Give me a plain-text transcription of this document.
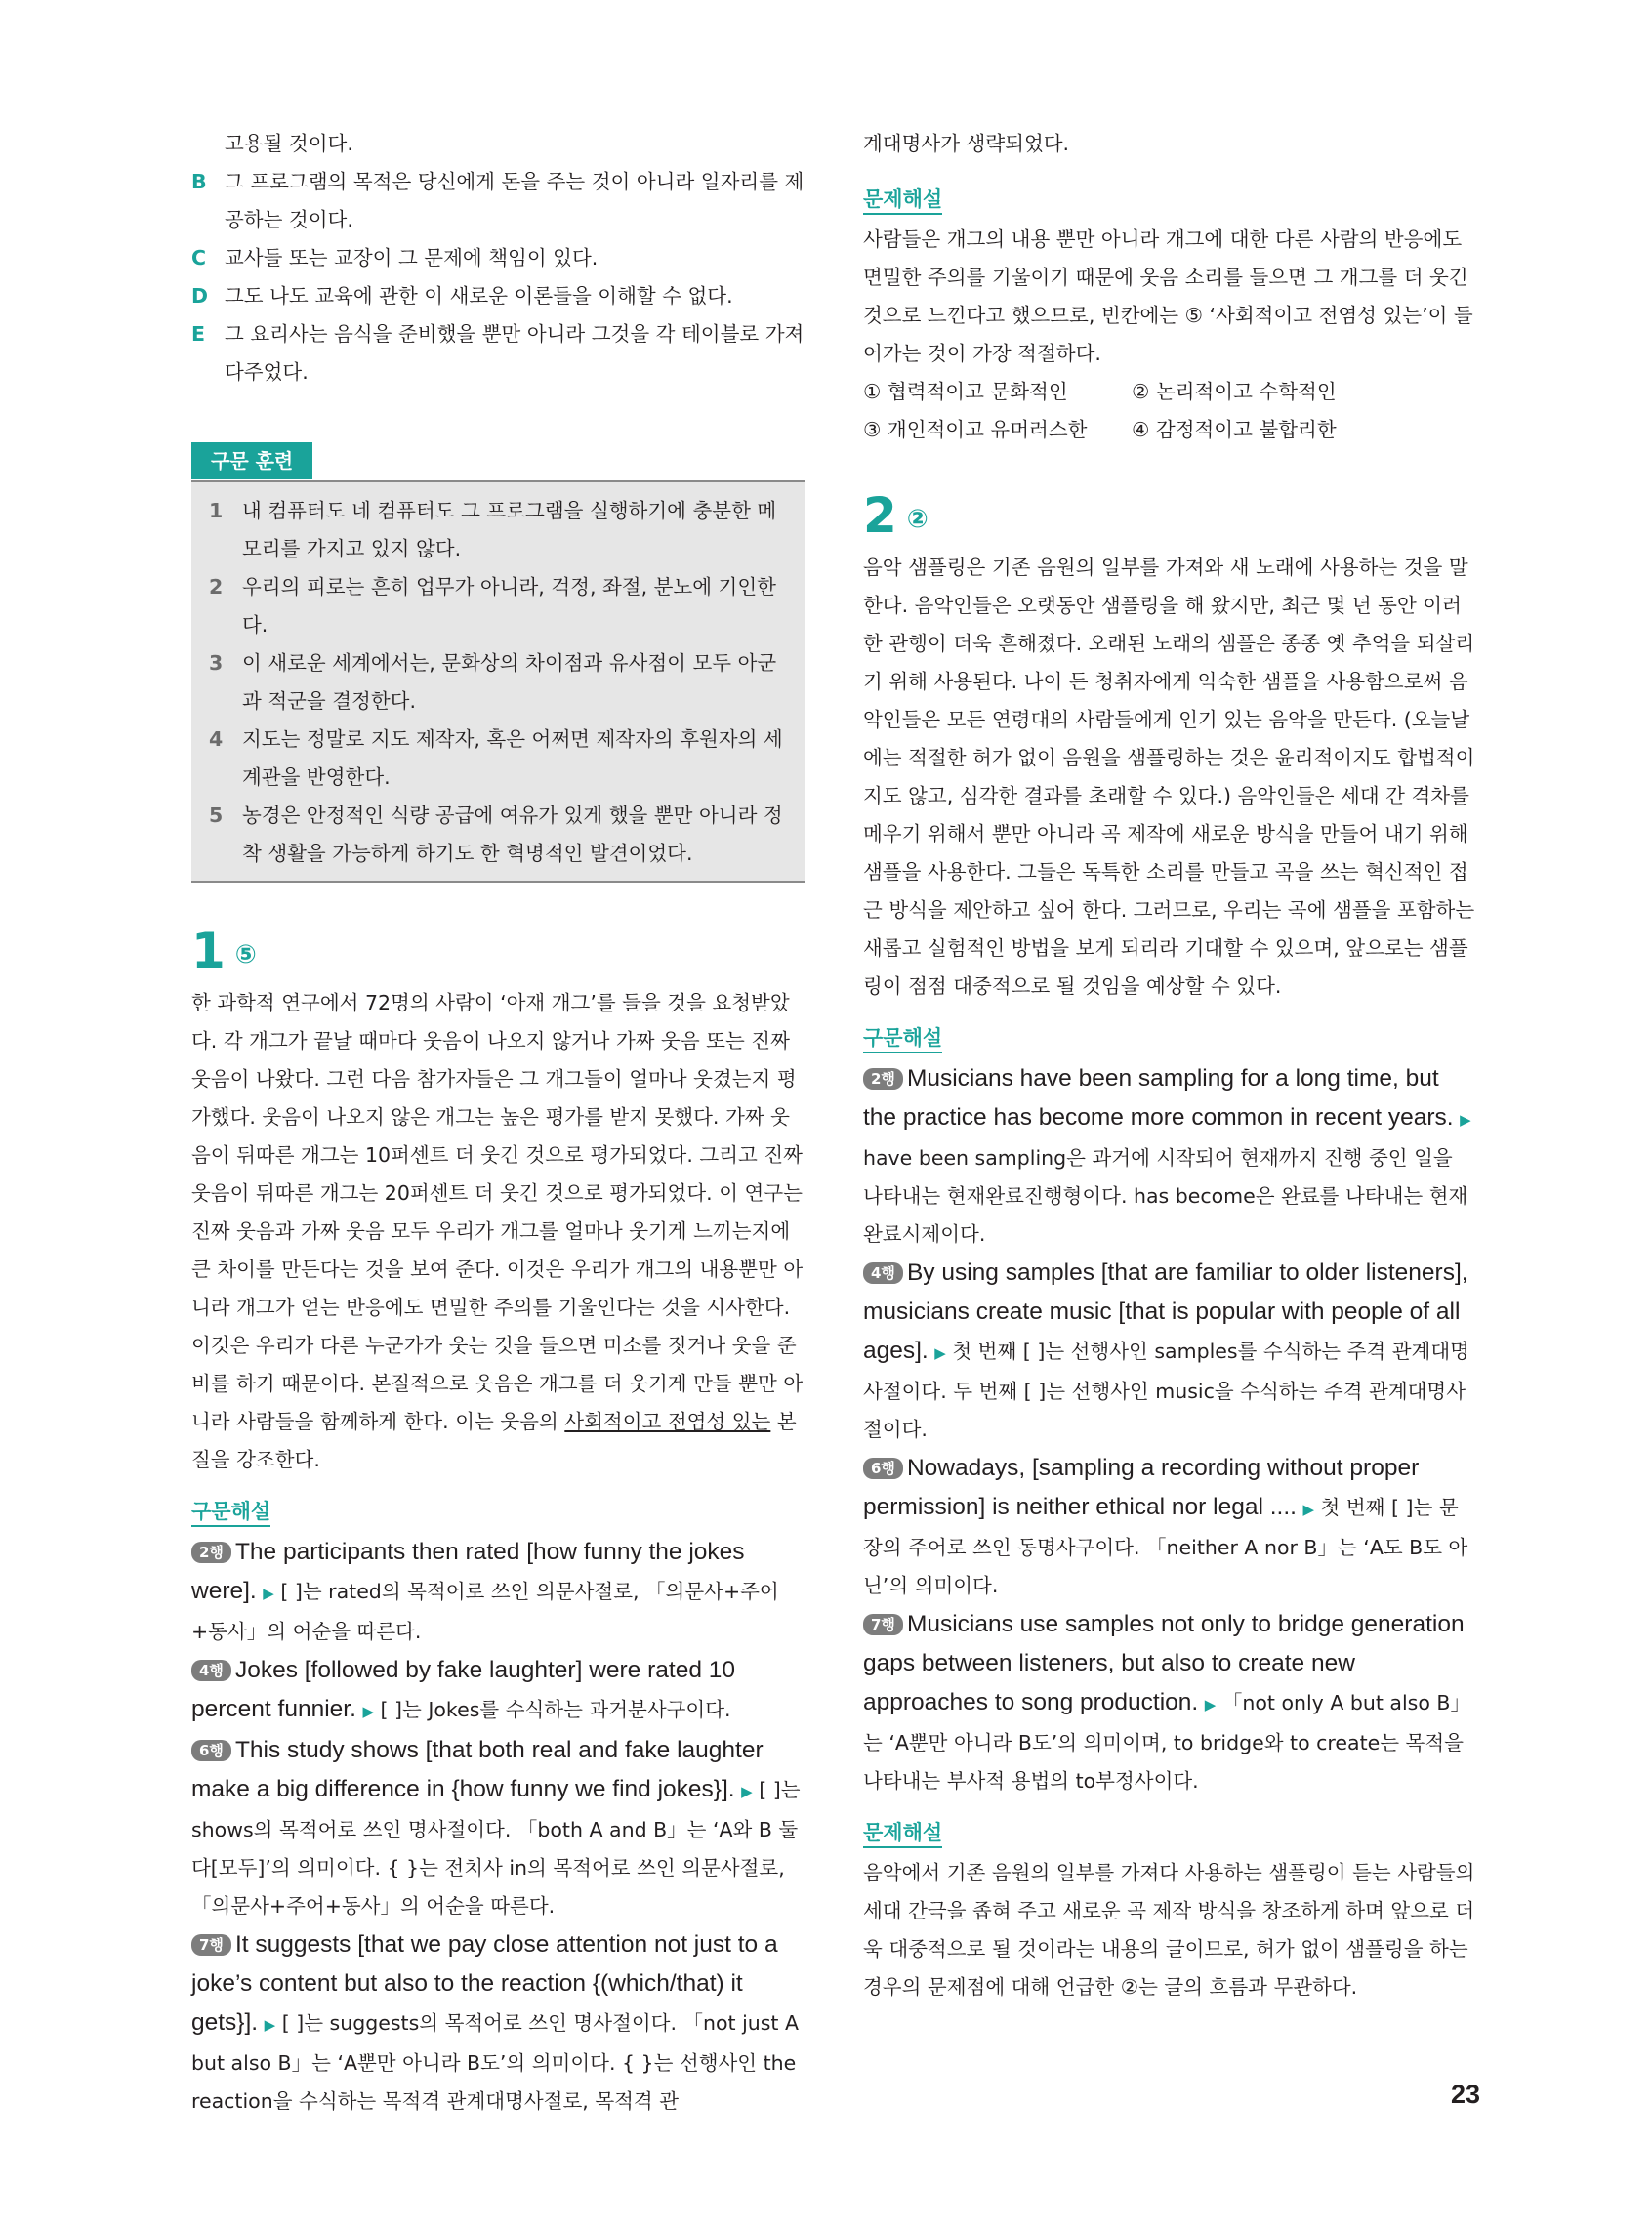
고용될 것이다.

B 그 프로그램의 목적은 당신에게 돈을 주는 것이 아니라 일자리를 제공하는 것이다.

C 교사들 또는 교장이 그 문제에 책임이 있다.

D 그도 나도 교육에 관한 이 새로운 이론들을 이해할 수 없다.

E 그 요리사는 음식을 준비했을 뿐만 아니라 그것을 각 테이블로 가져다주었다.

구문 훈련

1 내 컴퓨터도 네 컴퓨터도 그 프로그램을 실행하기에 충분한 메모리를 가지고 있지 않다.

2 우리의 피로는 흔히 업무가 아니라, 걱정, 좌절, 분노에 기인한다.

3 이 새로운 세계에서는, 문화상의 차이점과 유사점이 모두 아군과 적군을 결정한다.

4 지도는 정말로 지도 제작자, 혹은 어쩌면 제작자의 후원자의 세계관을 반영한다.

5 농경은 안정적인 식량 공급에 여유가 있게 했을 뿐만 아니라 정착 생활을 가능하게 하기도 한 혁명적인 발견이었다.

1 ⑤

한 과학적 연구에서 72명의 사람이 ‘아재 개그’를 들을 것을 요청받았다. 각 개그가 끝날 때마다 웃음이 나오지 않거나 가짜 웃음 또는 진짜 웃음이 나왔다. 그런 다음 참가자들은 그 개그들이 얼마나 웃겼는지 평가했다. 웃음이 나오지 않은 개그는 높은 평가를 받지 못했다. 가짜 웃음이 뒤따른 개그는 10퍼센트 더 웃긴 것으로 평가되었다. 그리고 진짜 웃음이 뒤따른 개그는 20퍼센트 더 웃긴 것으로 평가되었다. 이 연구는 진짜 웃음과 가짜 웃음 모두 우리가 개그를 얼마나 웃기게 느끼는지에 큰 차이를 만든다는 것을 보여 준다. 이것은 우리가 개그의 내용뿐만 아니라 개그가 얻는 반응에도 면밀한 주의를 기울인다는 것을 시사한다. 이것은 우리가 다른 누군가가 웃는 것을 들으면 미소를 짓거나 웃을 준비를 하기 때문이다. 본질적으로 웃음은 개그를 더 웃기게 만들 뿐만 아니라 사람들을 함께하게 한다. 이는 웃음의 사회적이고 전염성 있는 본질을 강조한다.

구문해설

2행 The participants then rated [how funny the jokes were]. ▶ [ ]는 rated의 목적어로 쓰인 의문사절로, 「의문사+주어+동사」의 어순을 따른다.

4행 Jokes [followed by fake laughter] were rated 10 percent funnier. ▶ [ ]는 Jokes를 수식하는 과거분사구이다.

6행 This study shows [that both real and fake laughter make a big difference in {how funny we find jokes}]. ▶ [ ]는 shows의 목적어로 쓰인 명사절이다. 「both A and B」는 ‘A와 B 둘 다[모두]’의 의미이다. { }는 전치사 in의 목적어로 쓰인 의문사절로, 「의문사+주어+동사」의 어순을 따른다.

7행 It suggests [that we pay close attention not just to a joke’s content but also to the reaction {(which/that) it gets}]. ▶ [ ]는 suggests의 목적어로 쓰인 명사절이다. 「not just A but also B」는 ‘A뿐만 아니라 B도’의 의미이다. { }는 선행사인 the reaction을 수식하는 목적격 관계대명사절로, 목적격 관

계대명사가 생략되었다.

문제해설

사람들은 개그의 내용 뿐만 아니라 개그에 대한 다른 사람의 반응에도 면밀한 주의를 기울이기 때문에 웃음 소리를 들으면 그 개그를 더 웃긴 것으로 느낀다고 했으므로, 빈칸에는 ⑤ ‘사회적이고 전염성 있는’이 들어가는 것이 가장 적절하다.

① 협력적이고 문화적인	② 논리적이고 수학적인
③ 개인적이고 유머러스한	④ 감정적이고 불합리한
2 ②

음악 샘플링은 기존 음원의 일부를 가져와 새 노래에 사용하는 것을 말한다. 음악인들은 오랫동안 샘플링을 해 왔지만, 최근 몇 년 동안 이러한 관행이 더욱 흔해졌다. 오래된 노래의 샘플은 종종 옛 추억을 되살리기 위해 사용된다. 나이 든 청취자에게 익숙한 샘플을 사용함으로써 음악인들은 모든 연령대의 사람들에게 인기 있는 음악을 만든다. (오늘날에는 적절한 허가 없이 음원을 샘플링하는 것은 윤리적이지도 합법적이지도 않고, 심각한 결과를 초래할 수 있다.) 음악인들은 세대 간 격차를 메우기 위해서 뿐만 아니라 곡 제작에 새로운 방식을 만들어 내기 위해 샘플을 사용한다. 그들은 독특한 소리를 만들고 곡을 쓰는 혁신적인 접근 방식을 제안하고 싶어 한다. 그러므로, 우리는 곡에 샘플을 포함하는 새롭고 실험적인 방법을 보게 되리라 기대할 수 있으며, 앞으로는 샘플링이 점점 대중적으로 될 것임을 예상할 수 있다.

구문해설

2행 Musicians have been sampling for a long time, but the practice has become more common in recent years. ▶ have been sampling은 과거에 시작되어 현재까지 진행 중인 일을 나타내는 현재완료진행형이다. has become은 완료를 나타내는 현재완료시제이다.

4행 By using samples [that are familiar to older listeners], musicians create music [that is popular with people of all ages]. ▶ 첫 번째 [ ]는 선행사인 samples를 수식하는 주격 관계대명사절이다. 두 번째 [ ]는 선행사인 music을 수식하는 주격 관계대명사절이다.

6행 Nowadays, [sampling a recording without proper permission] is neither ethical nor legal .... ▶ 첫 번째 [ ]는 문장의 주어로 쓰인 동명사구이다. 「neither A nor B」는 ‘A도 B도 아닌’의 의미이다.

7행 Musicians use samples not only to bridge generation gaps between listeners, but also to create new approaches to song production. ▶ 「not only A but also B」는 ‘A뿐만 아니라 B도’의 의미이며, to bridge와 to create는 목적을 나타내는 부사적 용법의 to부정사이다.

문제해설

음악에서 기존 음원의 일부를 가져다 사용하는 샘플링이 듣는 사람들의 세대 간극을 좁혀 주고 새로운 곡 제작 방식을 창조하게 하며 앞으로 더욱 대중적으로 될 것이라는 내용의 글이므로, 허가 없이 샘플링을 하는 경우의 문제점에 대해 언급한 ②는 글의 흐름과 무관하다.

23
